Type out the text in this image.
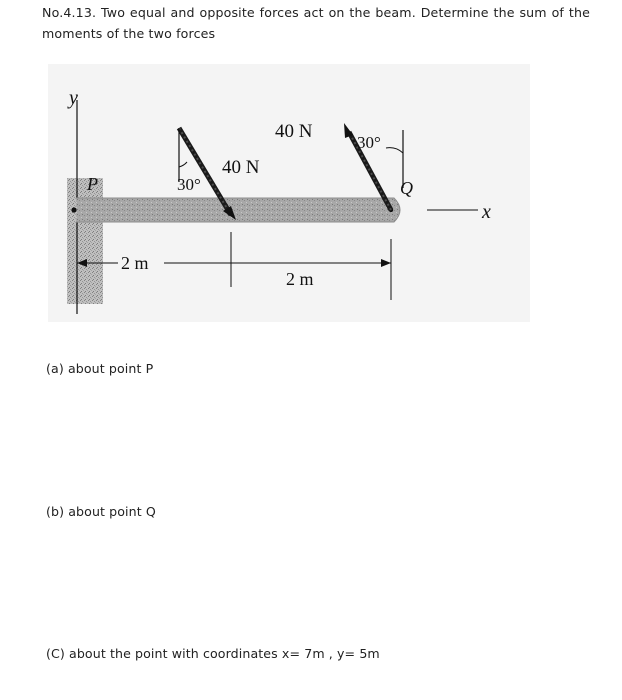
No.4.13. Two equal and opposite forces act on the beam. Determine the sum of the moments of the two forces
y
x
P	Q
40 N
30°
40 N
30°
2 m
2 m
(a) about point P
(b) about point Q
(C) about the point with coordinates x= 7m , y= 5m
